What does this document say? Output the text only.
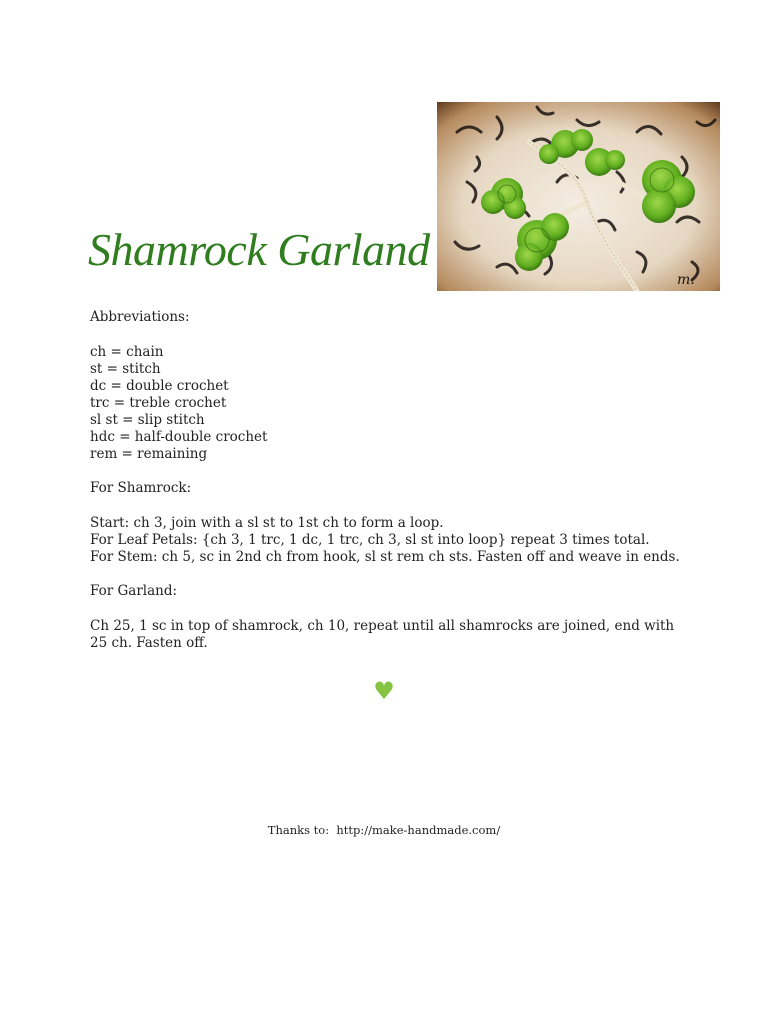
Shamrock Garland
m.

Abbreviations:

ch = chain

st = stitch

dc = double crochet

trc = treble crochet

sl st = slip stitch

hdc = half-double crochet

rem = remaining

For Shamrock:

Start: ch 3, join with a sl st to 1st ch to form a loop.

For Leaf Petals: {ch 3, 1 trc, 1 dc, 1 trc, ch 3, sl st into loop} repeat 3 times total.

For Stem: ch 5, sc in 2nd ch from hook, sl st rem ch sts. Fasten off and weave in ends.

For Garland:

Ch 25, 1 sc in top of shamrock, ch 10, repeat until all shamrocks are joined, end with 25 ch. Fasten off.

♥
Thanks to:  http://make-handmade.com/
